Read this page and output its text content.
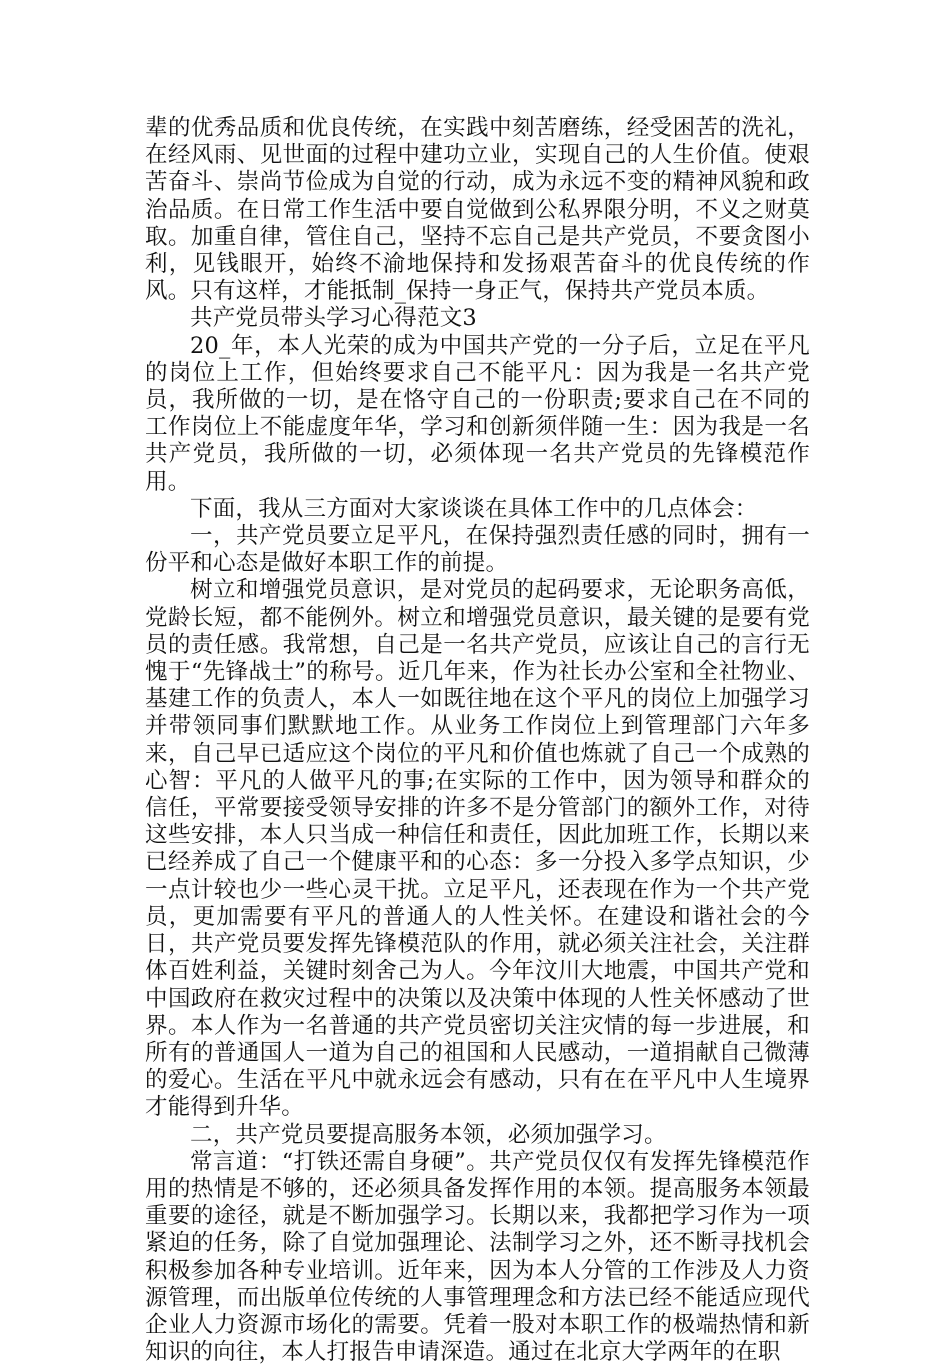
辈的优秀品质和优良传统，在实践中刻苦磨练，经受困苦的洗礼，在经风雨、见世面的过程中建功立业，实现自己的人生价值。使艰苦奋斗、崇尚节俭成为自觉的行动，成为永远不变的精神风貌和政治品质。在日常工作生活中要自觉做到公私界限分明，不义之财莫取。加重自律，管住自己，坚持不忘自己是共产党员，不要贪图小利，见钱眼开，始终不渝地保持和发扬艰苦奋斗的优良传统的作风。只有这样，才能抵制_保持一身正气，保持共产党员本质。

共产党员带头学习心得范文3

20_年，本人光荣的成为中国共产党的一分子后，立足在平凡的岗位上工作，但始终要求自己不能平凡：因为我是一名共产党员，我所做的一切，是在恪守自己的一份职责;要求自己在不同的工作岗位上不能虚度年华，学习和创新须伴随一生：因为我是一名共产党员，我所做的一切，必须体现一名共产党员的先锋模范作用。

下面，我从三方面对大家谈谈在具体工作中的几点体会：

一，共产党员要立足平凡，在保持强烈责任感的同时，拥有一份平和心态是做好本职工作的前提。

树立和增强党员意识，是对党员的起码要求，无论职务高低，党龄长短，都不能例外。树立和增强党员意识，最关键的是要有党员的责任感。我常想，自己是一名共产党员，应该让自己的言行无愧于“先锋战士”的称号。近几年来，作为社长办公室和全社物业、基建工作的负责人，本人一如既往地在这个平凡的岗位上加强学习并带领同事们默默地工作。从业务工作岗位上到管理部门六年多来，自己早已适应这个岗位的平凡和价值也炼就了自己一个成熟的心智：平凡的人做平凡的事;在实际的工作中，因为领导和群众的信任，平常要接受领导安排的许多不是分管部门的额外工作，对待这些安排，本人只当成一种信任和责任，因此加班工作，长期以来已经养成了自己一个健康平和的心态：多一分投入多学点知识，少一点计较也少一些心灵干扰。立足平凡，还表现在作为一个共产党员，更加需要有平凡的普通人的人性关怀。在建设和谐社会的今日，共产党员要发挥先锋模范队的作用，就必须关注社会，关注群体百姓利益，关键时刻舍己为人。今年汶川大地震，中国共产党和中国政府在救灾过程中的决策以及决策中体现的人性关怀感动了世界。本人作为一名普通的共产党员密切关注灾情的每一步进展，和所有的普通国人一道为自己的祖国和人民感动，一道捐献自己微薄的爱心。生活在平凡中就永远会有感动，只有在在平凡中人生境界才能得到升华。

二，共产党员要提高服务本领，必须加强学习。

常言道：“打铁还需自身硬”。共产党员仅仅有发挥先锋模范作用的热情是不够的，还必须具备发挥作用的本领。提高服务本领最重要的途径，就是不断加强学习。长期以来，我都把学习作为一项紧迫的任务，除了自觉加强理论、法制学习之外，还不断寻找机会积极参加各种专业培训。近年来，因为本人分管的工作涉及人力资源管理，而出版单位传统的人事管理理念和方法已经不能适应现代企业人力资源市场化的需要。凭着一股对本职工作的极端热情和新知识的向往，本人打报告申请深造。通过在北京大学两年的在职
